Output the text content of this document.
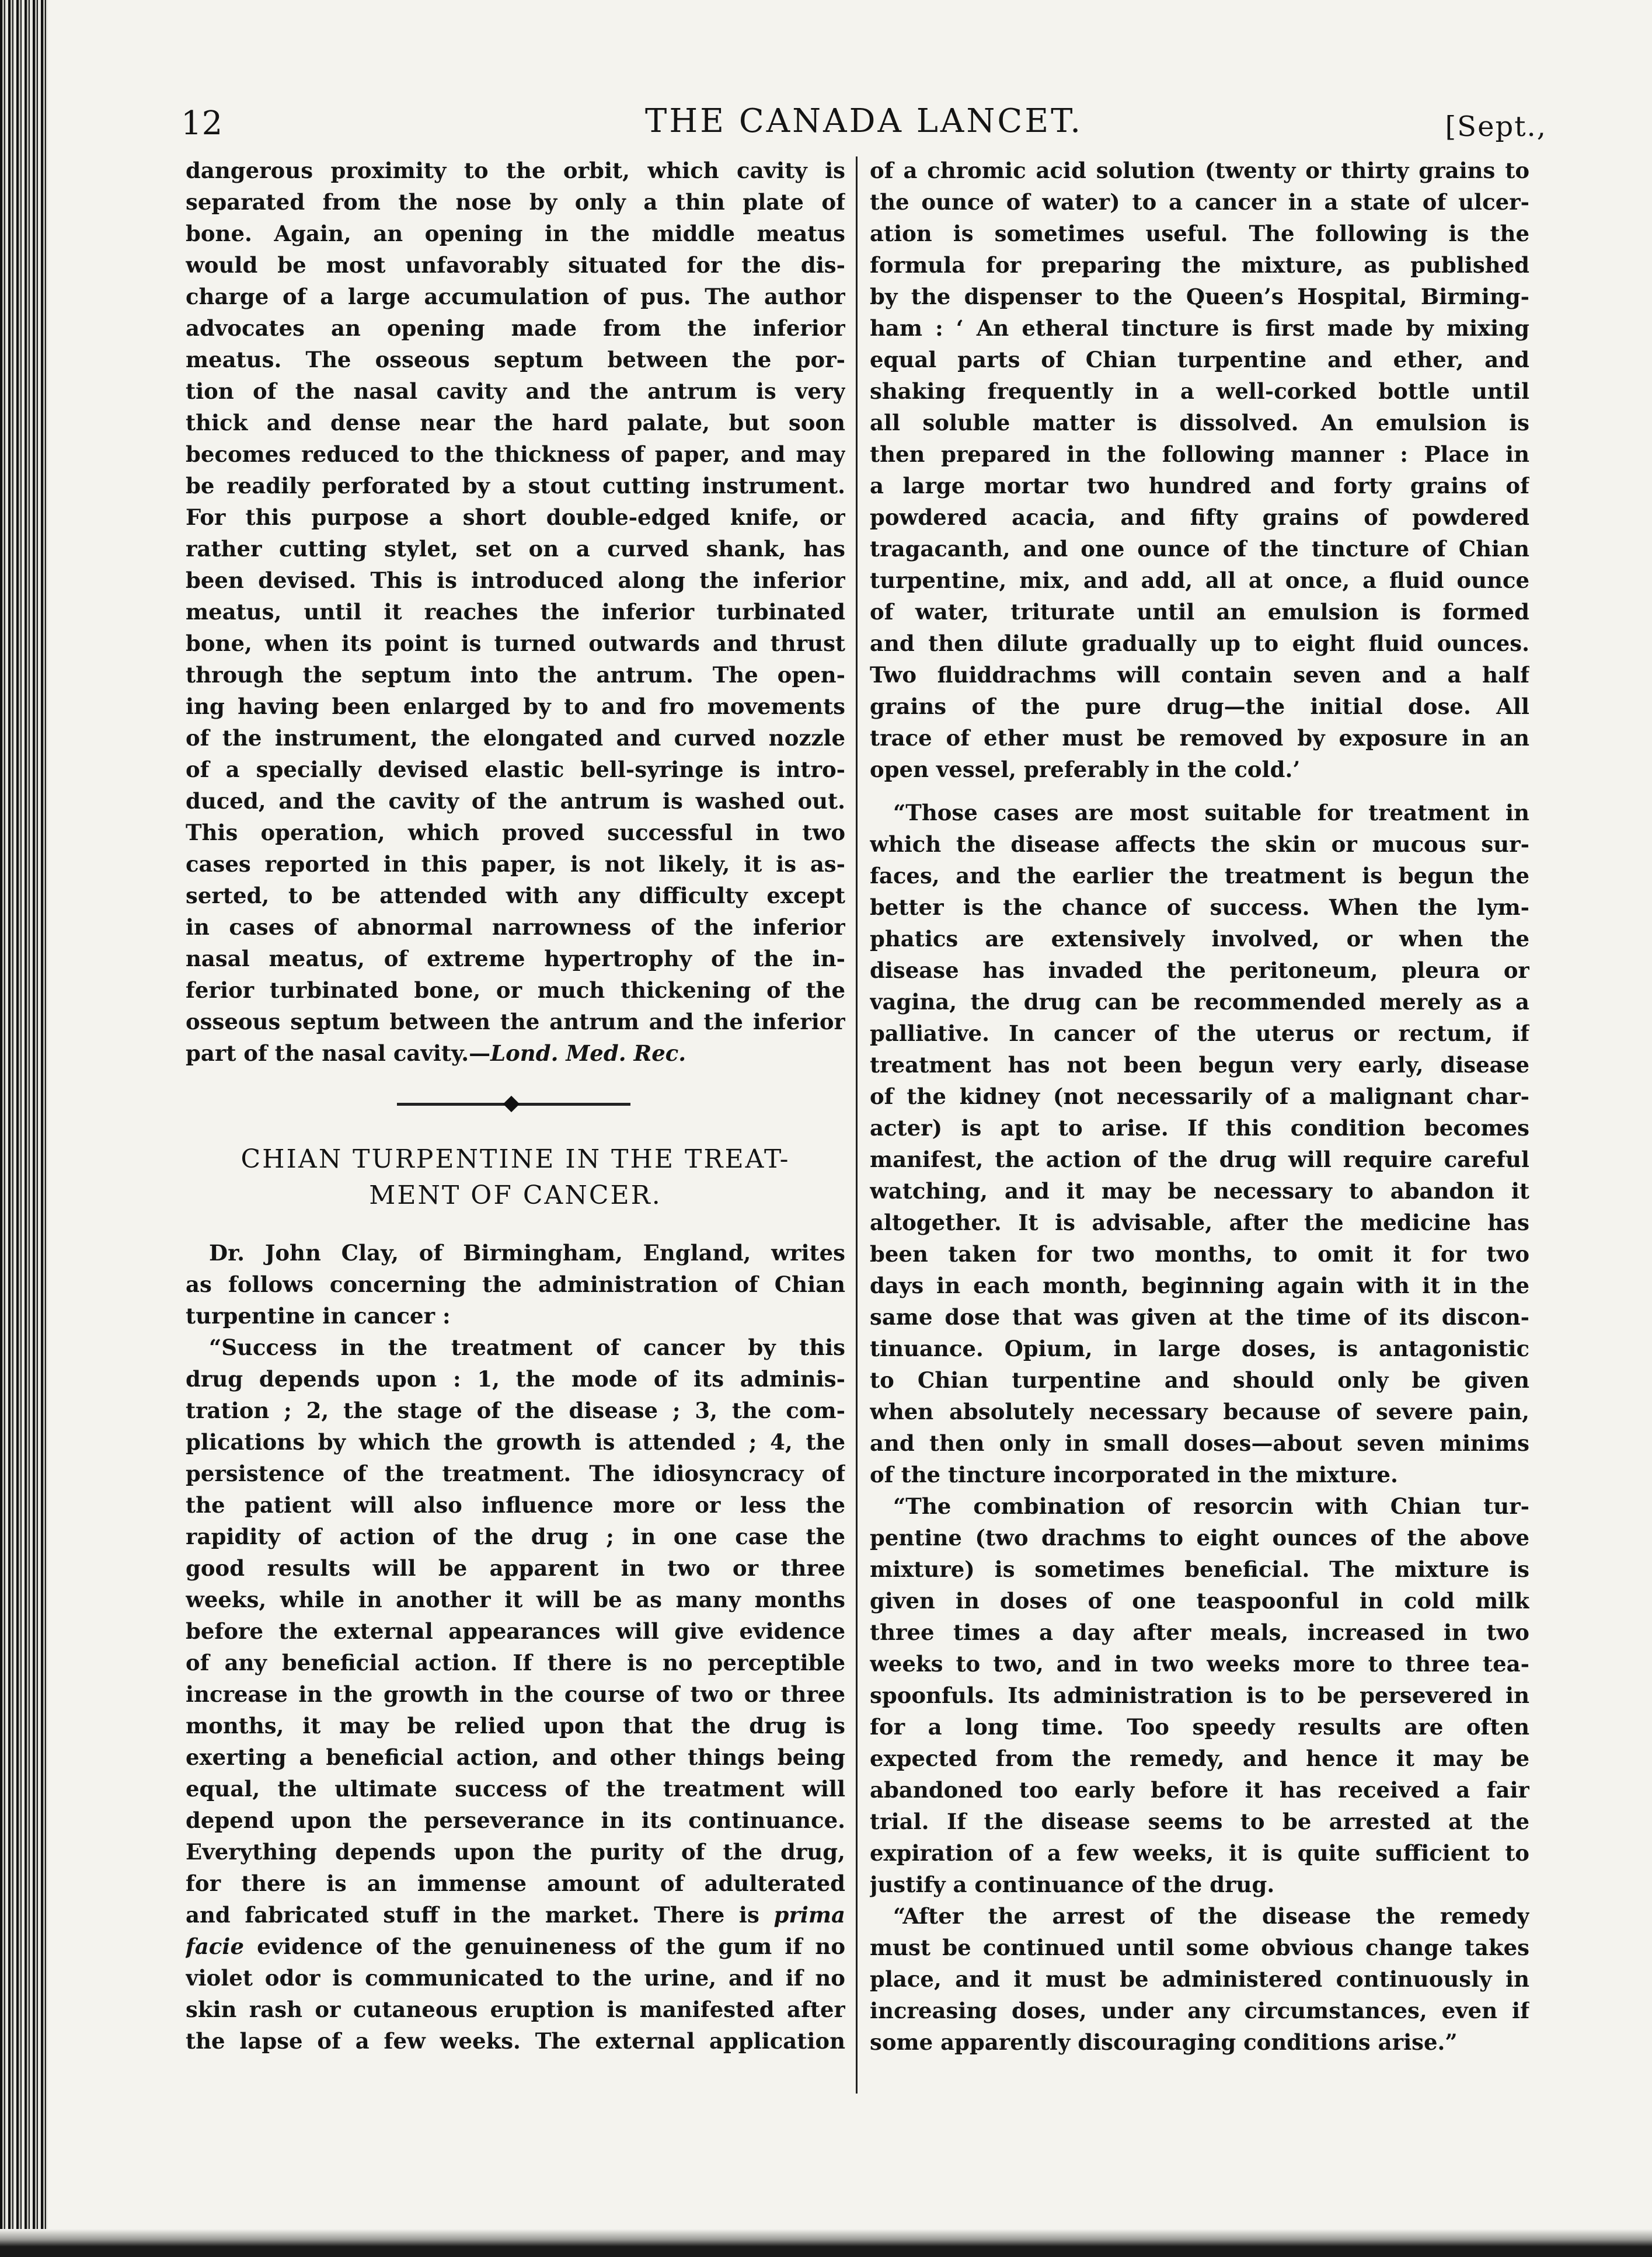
12	THE CANADA LANCET.	[Sept.,
dangerous proximity to the orbit, which cavity is
separated from the nose by only a thin plate of
bone. Again, an opening in the middle meatus
would be most unfavorably situated for the dis-
charge of a large accumulation of pus. The author
advocates an opening made from the inferior
meatus. The osseous septum between the por-
tion of the nasal cavity and the antrum is very
thick and dense near the hard palate, but soon
becomes reduced to the thickness of paper, and may
be readily perforated by a stout cutting instrument.
For this purpose a short double-edged knife, or
rather cutting stylet, set on a curved shank, has
been devised. This is introduced along the inferior
meatus, until it reaches the inferior turbinated
bone, when its point is turned outwards and thrust
through the septum into the antrum. The open-
ing having been enlarged by to and fro movements
of the instrument, the elongated and curved nozzle
of a specially devised elastic bell-syringe is intro-
duced, and the cavity of the antrum is washed out.
This operation, which proved successful in two
cases reported in this paper, is not likely, it is as-
serted, to be attended with any difficulty except
in cases of abnormal narrowness of the inferior
nasal meatus, of extreme hypertrophy of the in-
ferior turbinated bone, or much thickening of the
osseous septum between the antrum and the inferior
part of the nasal cavity.—Lond. Med. Rec.
CHIAN TURPENTINE IN THE TREAT-
MENT OF CANCER.
Dr. John Clay, of Birmingham, England, writes
as follows concerning the administration of Chian
turpentine in cancer :
“Success in the treatment of cancer by this
drug depends upon : 1, the mode of its adminis-
tration ; 2, the stage of the disease ; 3, the com-
plications by which the growth is attended ; 4, the
persistence of the treatment. The idiosyncracy of
the patient will also influence more or less the
rapidity of action of the drug ; in one case the
good results will be apparent in two or three
weeks, while in another it will be as many months
before the external appearances will give evidence
of any beneficial action. If there is no perceptible
increase in the growth in the course of two or three
months, it may be relied upon that the drug is
exerting a beneficial action, and other things being
equal, the ultimate success of the treatment will
depend upon the perseverance in its continuance.
Everything depends upon the purity of the drug,
for there is an immense amount of adulterated
and fabricated stuff in the market. There is prima
facie evidence of the genuineness of the gum if no
violet odor is communicated to the urine, and if no
skin rash or cutaneous eruption is manifested after
the lapse of a few weeks. The external application
of a chromic acid solution (twenty or thirty grains to
the ounce of water) to a cancer in a state of ulcer-
ation is sometimes useful. The following is the
formula for preparing the mixture, as published
by the dispenser to the Queen’s Hospital, Birming-
ham : ‘ An etheral tincture is first made by mixing
equal parts of Chian turpentine and ether, and
shaking frequently in a well-corked bottle until
all soluble matter is dissolved. An emulsion is
then prepared in the following manner : Place in
a large mortar two hundred and forty grains of
powdered acacia, and fifty grains of powdered
tragacanth, and one ounce of the tincture of Chian
turpentine, mix, and add, all at once, a fluid ounce
of water, triturate until an emulsion is formed
and then dilute gradually up to eight fluid ounces.
Two fluiddrachms will contain seven and a half
grains of the pure drug—the initial dose. All
trace of ether must be removed by exposure in an
open vessel, preferably in the cold.’
“Those cases are most suitable for treatment in
which the disease affects the skin or mucous sur-
faces, and the earlier the treatment is begun the
better is the chance of success. When the lym-
phatics are extensively involved, or when the
disease has invaded the peritoneum, pleura or
vagina, the drug can be recommended merely as a
palliative. In cancer of the uterus or rectum, if
treatment has not been begun very early, disease
of the kidney (not necessarily of a malignant char-
acter) is apt to arise. If this condition becomes
manifest, the action of the drug will require careful
watching, and it may be necessary to abandon it
altogether. It is advisable, after the medicine has
been taken for two months, to omit it for two
days in each month, beginning again with it in the
same dose that was given at the time of its discon-
tinuance. Opium, in large doses, is antagonistic
to Chian turpentine and should only be given
when absolutely necessary because of severe pain,
and then only in small doses—about seven minims
of the tincture incorporated in the mixture.
“The combination of resorcin with Chian tur-
pentine (two drachms to eight ounces of the above
mixture) is sometimes beneficial. The mixture is
given in doses of one teaspoonful in cold milk
three times a day after meals, increased in two
weeks to two, and in two weeks more to three tea-
spoonfuls. Its administration is to be persevered in
for a long time. Too speedy results are often
expected from the remedy, and hence it may be
abandoned too early before it has received a fair
trial. If the disease seems to be arrested at the
expiration of a few weeks, it is quite sufficient to
justify a continuance of the drug.
“After the arrest of the disease the remedy
must be continued until some obvious change takes
place, and it must be administered continuously in
increasing doses, under any circumstances, even if
some apparently discouraging conditions arise.”
